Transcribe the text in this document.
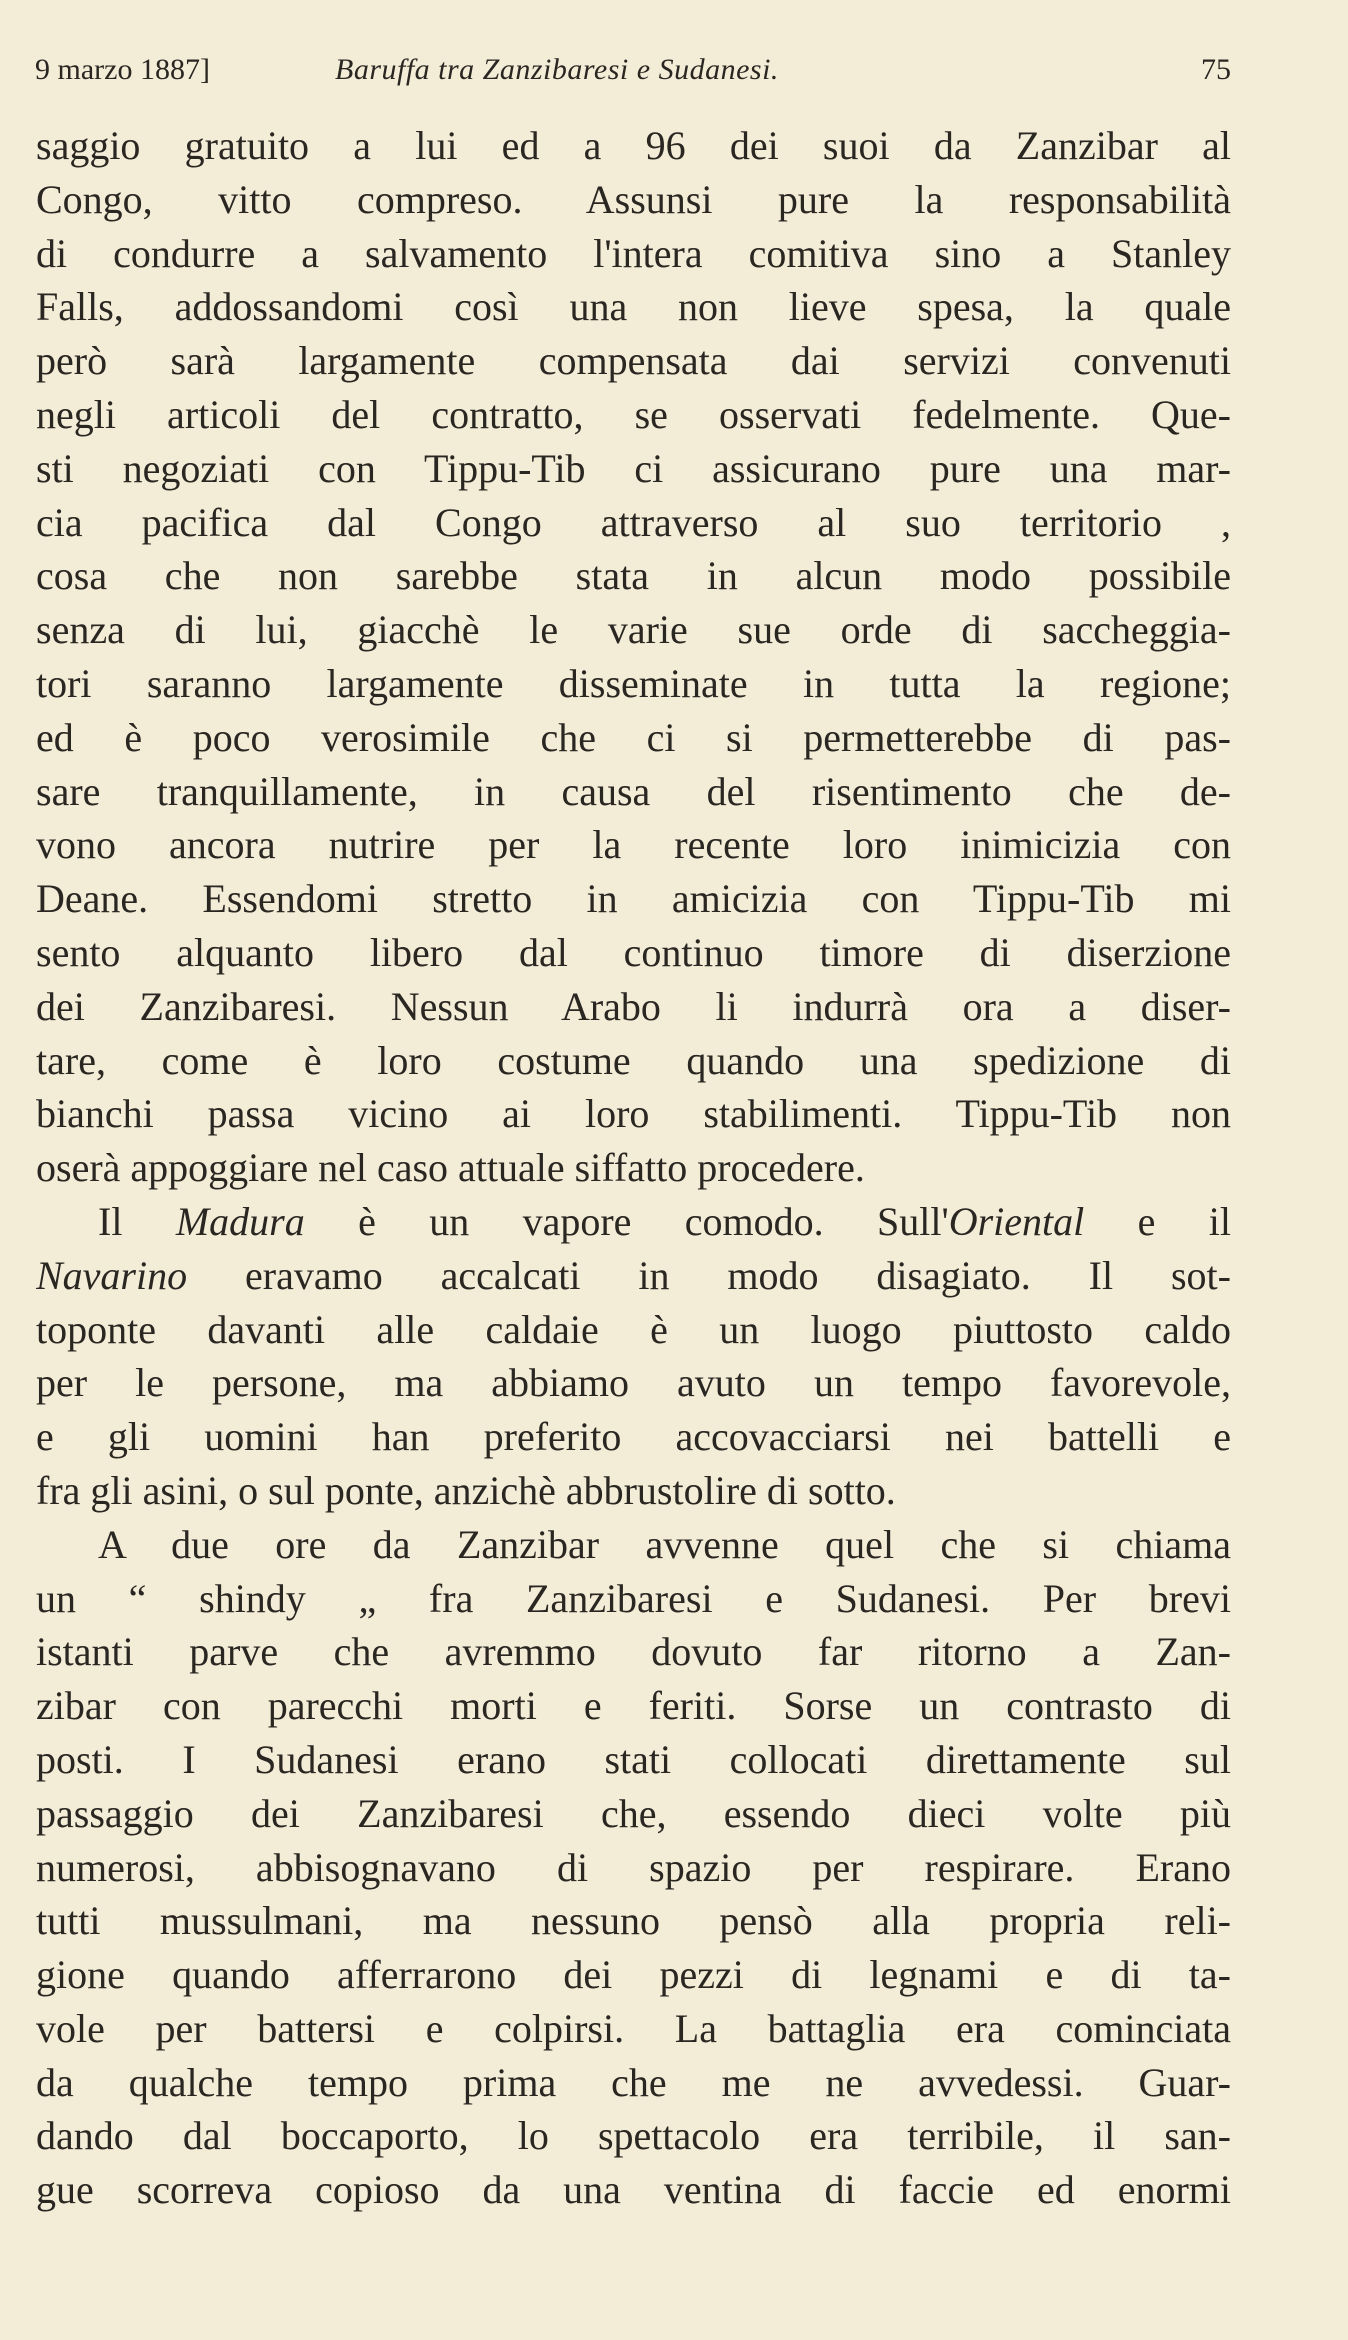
9 marzo 1887]	Baruffa tra Zanzibaresi e Sudanesi.	75
saggio gratuito a lui ed a 96 dei suoi da Zanzibar al
Congo, vitto compreso. Assunsi pure la responsabilità
di condurre a salvamento l'intera comitiva sino a Stanley
Falls, addossandomi così una non lieve spesa, la quale
però sarà largamente compensata dai servizi convenuti
negli articoli del contratto, se osservati fedelmente. Que-
sti negoziati con Tippu-Tib ci assicurano pure una mar-
cia pacifica dal Congo attraverso al suo territorio ,
cosa che non sarebbe stata in alcun modo possibile
senza di lui, giacchè le varie sue orde di saccheggia-
tori saranno largamente disseminate in tutta la regione;
ed è poco verosimile che ci si permetterebbe di pas-
sare tranquillamente, in causa del risentimento che de-
vono ancora nutrire per la recente loro inimicizia con
Deane. Essendomi stretto in amicizia con Tippu-Tib mi
sento alquanto libero dal continuo timore di diserzione
dei Zanzibaresi. Nessun Arabo li indurrà ora a diser-
tare, come è loro costume quando una spedizione di
bianchi passa vicino ai loro stabilimenti. Tippu-Tib non
oserà appoggiare nel caso attuale siffatto procedere.
Il Madura è un vapore comodo. Sull'Oriental e il
Navarino eravamo accalcati in modo disagiato. Il sot-
toponte davanti alle caldaie è un luogo piuttosto caldo
per le persone, ma abbiamo avuto un tempo favorevole,
e gli uomini han preferito accovacciarsi nei battelli e
fra gli asini, o sul ponte, anzichè abbrustolire di sotto.
A due ore da Zanzibar avvenne quel che si chiama
un “ shindy „ fra Zanzibaresi e Sudanesi. Per brevi
istanti parve che avremmo dovuto far ritorno a Zan-
zibar con parecchi morti e feriti. Sorse un contrasto di
posti. I Sudanesi erano stati collocati direttamente sul
passaggio dei Zanzibaresi che, essendo dieci volte più
numerosi, abbisognavano di spazio per respirare. Erano
tutti mussulmani, ma nessuno pensò alla propria reli-
gione quando afferrarono dei pezzi di legnami e di ta-
vole per battersi e colpirsi. La battaglia era cominciata
da qualche tempo prima che me ne avvedessi. Guar-
dando dal boccaporto, lo spettacolo era terribile, il san-
gue scorreva copioso da una ventina di faccie ed enormi
